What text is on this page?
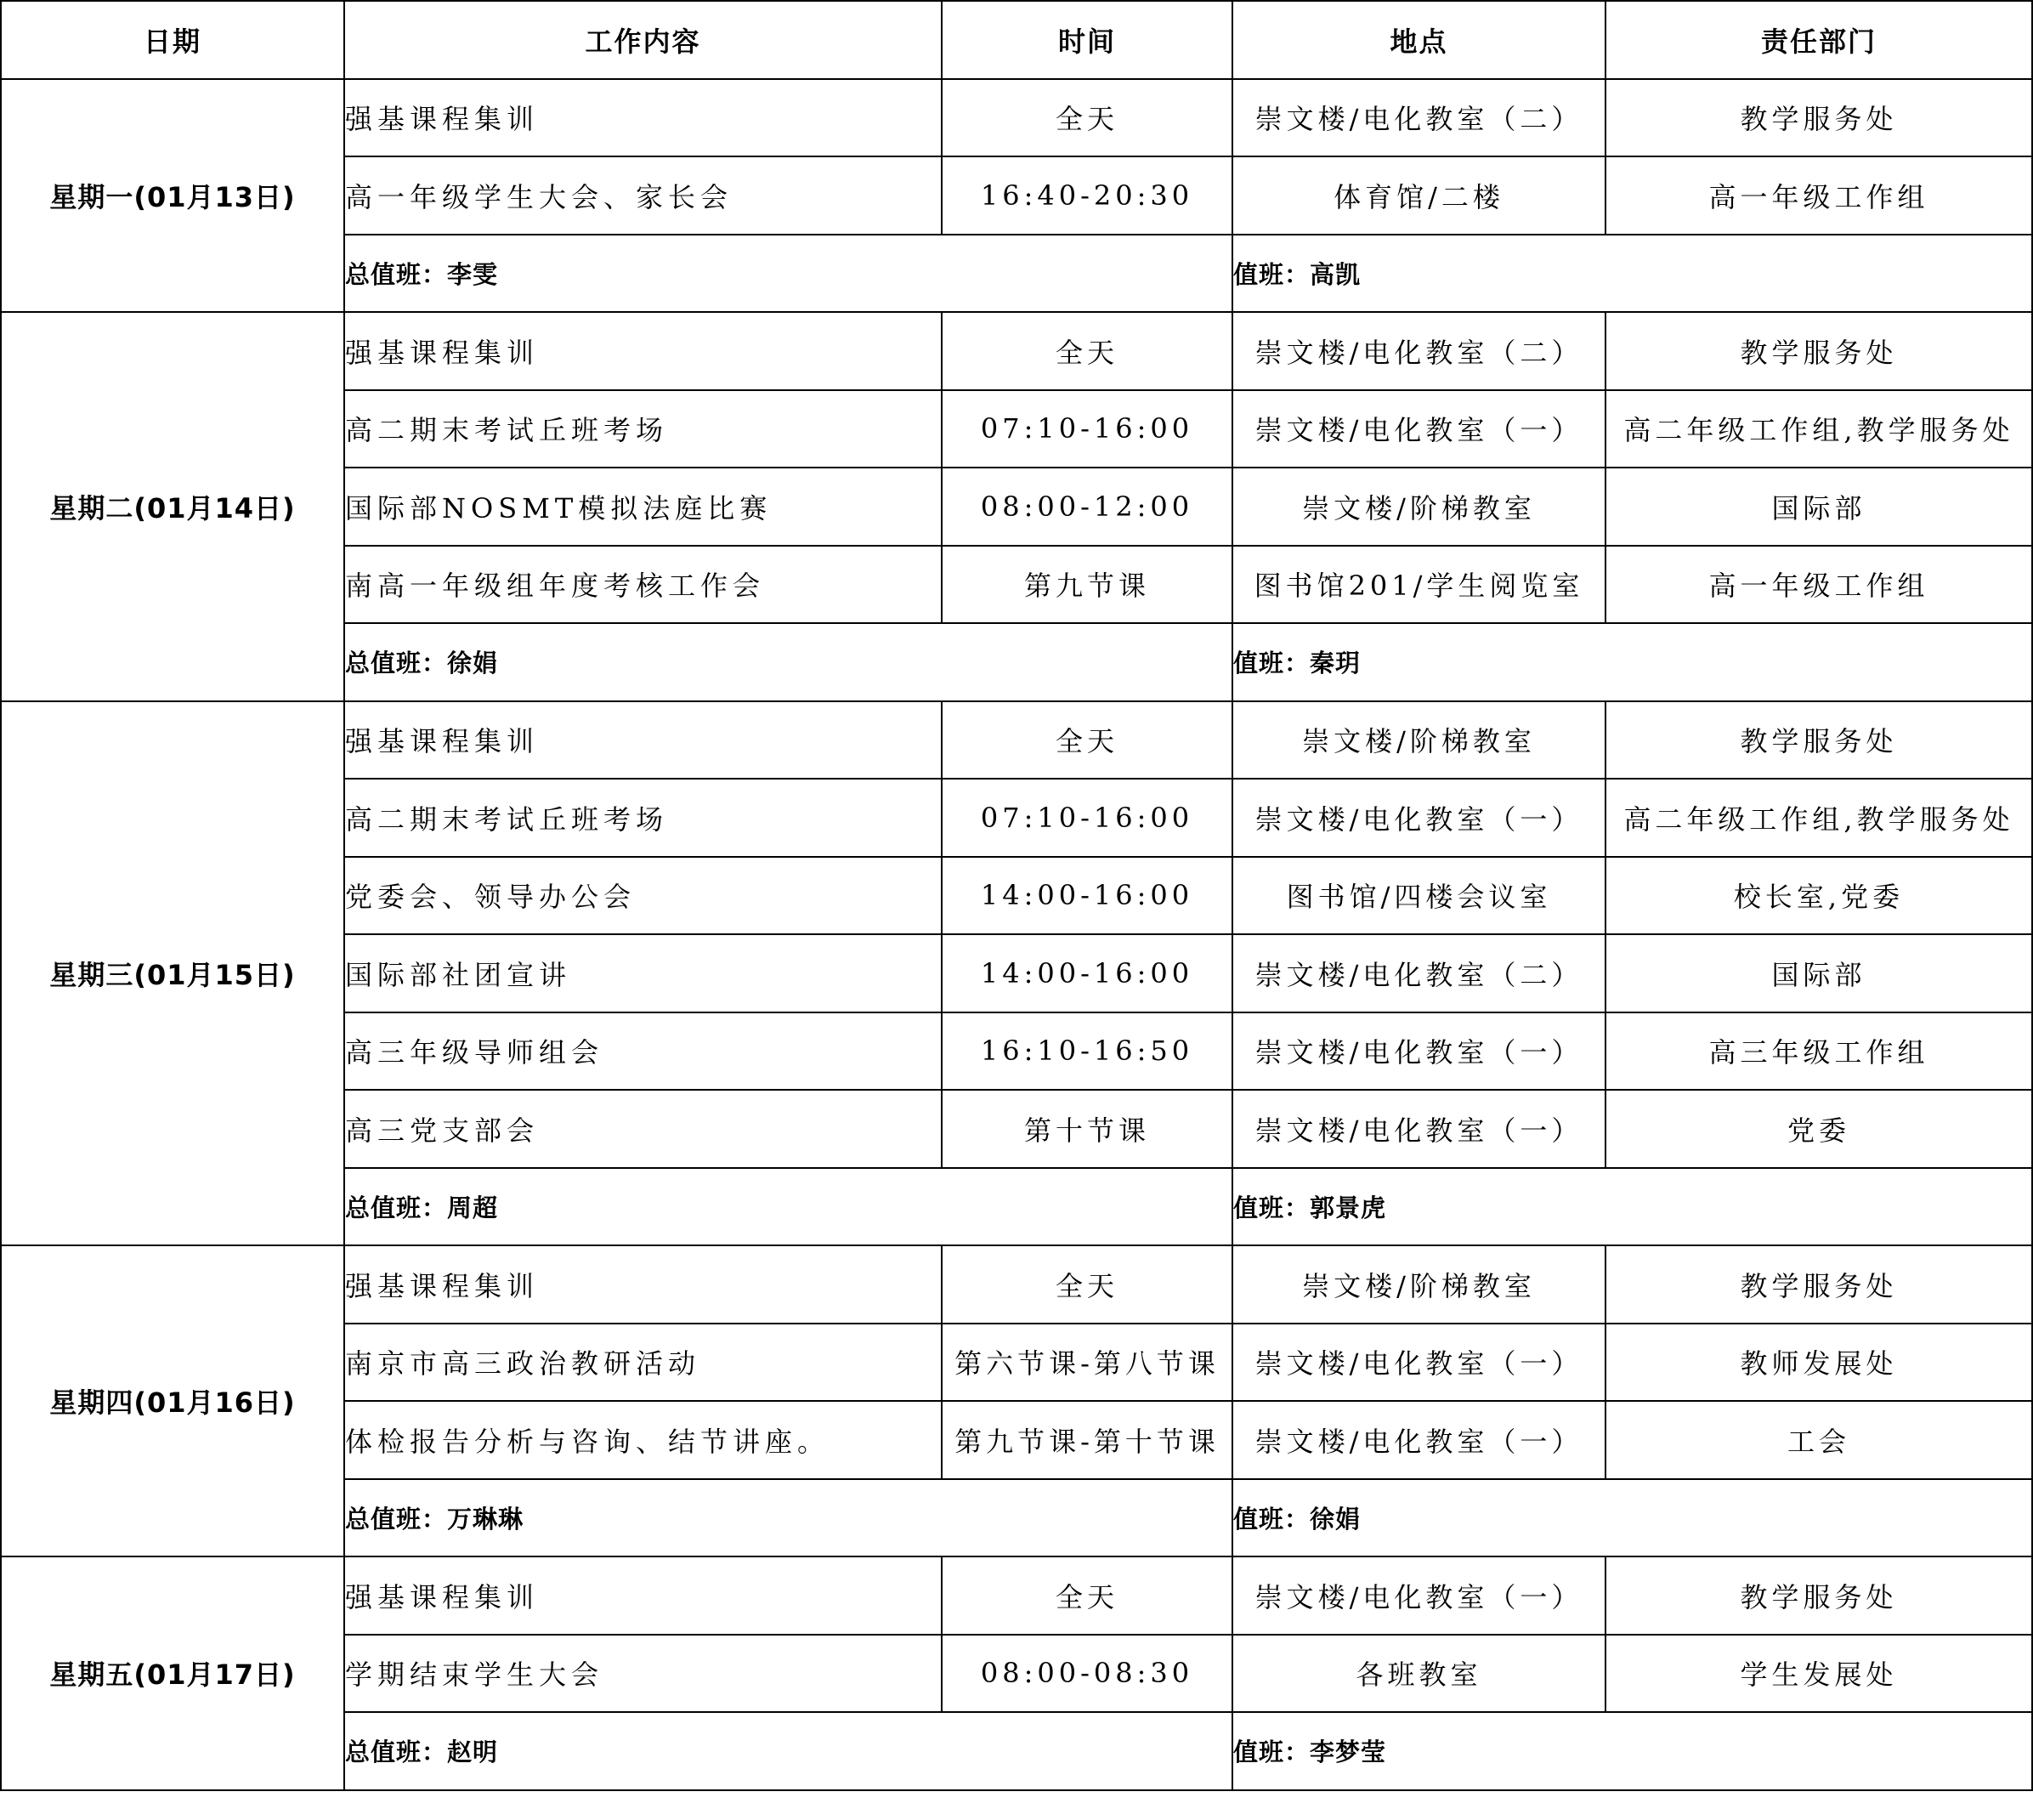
日期	工作内容	时间	地点	责任部门
星期一(01月13日)	强基课程集训	全天	崇文楼/电化教室（二）	教学服务处
	高一年级学生大会、家长会	16:40-20:30	体育馆/二楼	高一年级工作组
	总值班：李雯		值班：高凯	
星期二(01月14日)	强基课程集训	全天	崇文楼/电化教室（二）	教学服务处
	高二期末考试丘班考场	07:10-16:00	崇文楼/电化教室（一）	高二年级工作组,教学服务处
	国际部NOSMT模拟法庭比赛	08:00-12:00	崇文楼/阶梯教室	国际部
	南高一年级组年度考核工作会	第九节课	图书馆201/学生阅览室	高一年级工作组
	总值班：徐娟		值班：秦玥	
星期三(01月15日)	强基课程集训	全天	崇文楼/阶梯教室	教学服务处
	高二期末考试丘班考场	07:10-16:00	崇文楼/电化教室（一）	高二年级工作组,教学服务处
	党委会、领导办公会	14:00-16:00	图书馆/四楼会议室	校长室,党委
	国际部社团宣讲	14:00-16:00	崇文楼/电化教室（二）	国际部
	高三年级导师组会	16:10-16:50	崇文楼/电化教室（一）	高三年级工作组
	高三党支部会	第十节课	崇文楼/电化教室（一）	党委
	总值班：周超		值班：郭景虎	
星期四(01月16日)	强基课程集训	全天	崇文楼/阶梯教室	教学服务处
	南京市高三政治教研活动	第六节课-第八节课	崇文楼/电化教室（一）	教师发展处
	体检报告分析与咨询、结节讲座。	第九节课-第十节课	崇文楼/电化教室（一）	工会
	总值班：万琳琳		值班：徐娟	
星期五(01月17日)	强基课程集训	全天	崇文楼/电化教室（一）	教学服务处
	学期结束学生大会	08:00-08:30	各班教室	学生发展处
	总值班：赵明		值班：李梦莹	
